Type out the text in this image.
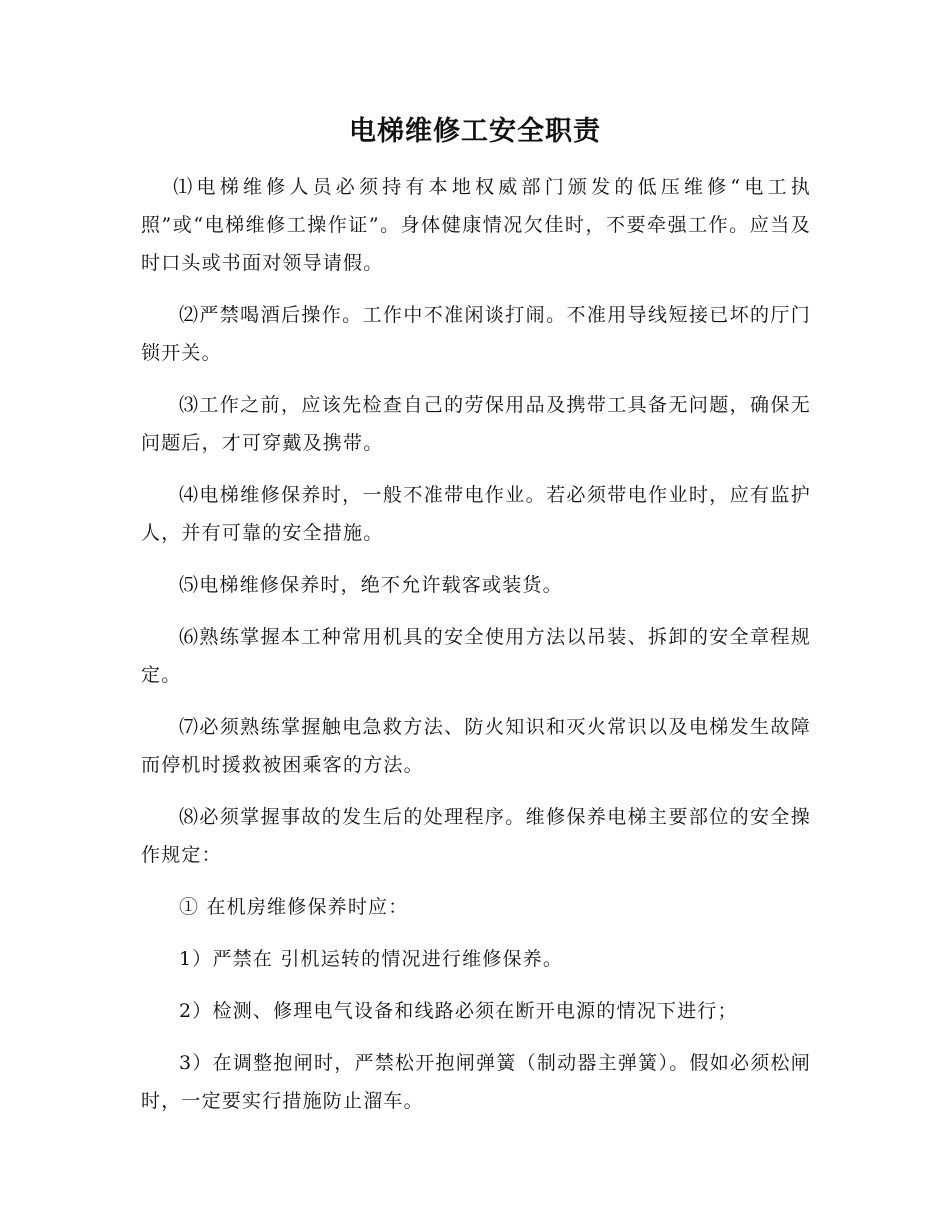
电梯维修工安全职责

⑴电梯维修人员必须持有本地权威部门颁发的低压维修“电工执照”或“电梯维修工操作证”。身体健康情况欠佳时，不要牵强工作。应当及时口头或书面对领导请假。

⑵严禁喝酒后操作。工作中不准闲谈打闹。不准用导线短接已坏的厅门锁开关。

⑶工作之前，应该先检查自己的劳保用品及携带工具备无问题，确保无问题后，才可穿戴及携带。

⑷电梯维修保养时，一般不准带电作业。若必须带电作业时，应有监护人，并有可靠的安全措施。

⑸电梯维修保养时，绝不允许载客或装货。

⑹熟练掌握本工种常用机具的安全使用方法以吊装、拆卸的安全章程规定。

⑺必须熟练掌握触电急救方法、防火知识和灭火常识以及电梯发生故障而停机时援救被困乘客的方法。

⑻必须掌握事故的发生后的处理程序。维修保养电梯主要部位的安全操作规定：

① 在机房维修保养时应：

1）严禁在 引机运转的情况进行维修保养。

2）检测、修理电气设备和线路必须在断开电源的情况下进行；

3）在调整抱闸时，严禁松开抱闸弹簧（制动器主弹簧）。假如必须松闸时，一定要实行措施防止溜车。
